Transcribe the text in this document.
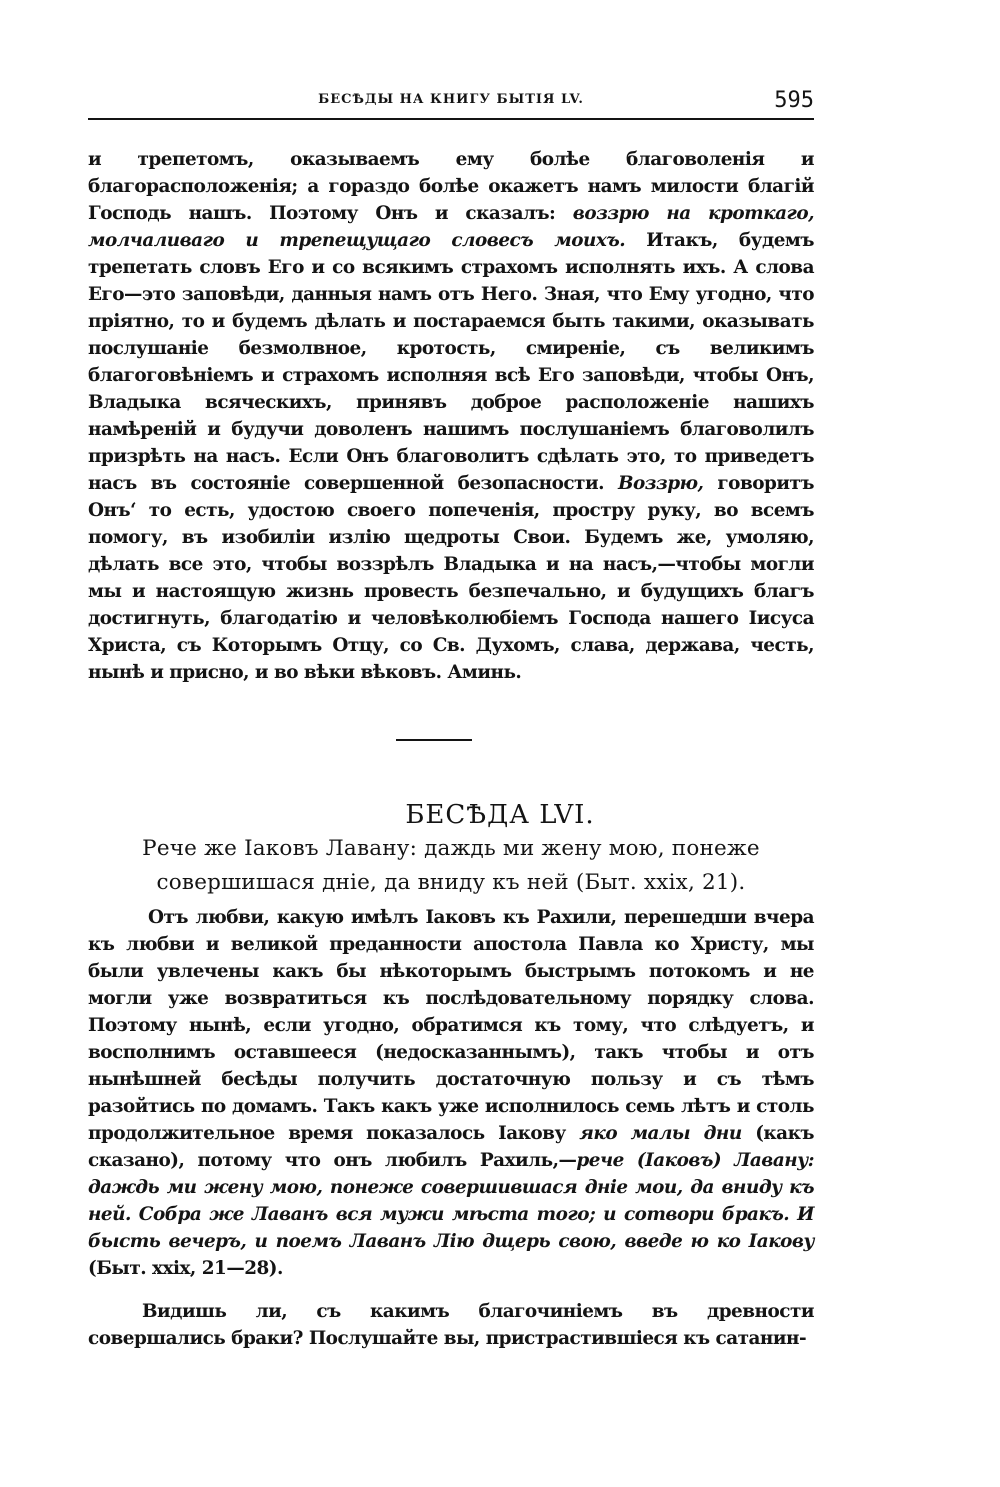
БЕСѢДЫ НА КНИГУ БЫТІЯ LV.	595

и трепетомъ, оказываемъ ему болѣе благоволенія и благорасположенія; а гораздо болѣе окажетъ намъ милости благій Господь нашъ. Поэтому Онъ и сказалъ: воззрю на кроткаго, молчаливаго и трепещущаго словесъ моихъ. Итакъ, будемъ трепетать словъ Его и со всякимъ страхомъ исполнять ихъ. А слова Его—это заповѣди, данныя намъ отъ Него. Зная, что Ему угодно, что пріятно, то и будемъ дѣлать и постараемся быть такими, оказывать послушаніе безмолвное, кротость, смиреніе, съ великимъ благоговѣніемъ и страхомъ исполняя всѣ Его заповѣди, чтобы Онъ, Владыка всяческихъ, принявъ доброе расположеніе нашихъ намѣреній и будучи доволенъ нашимъ послушаніемъ благоволилъ призрѣть на насъ. Если Онъ благоволитъ сдѣлать это, то приведетъ насъ въ состояніе совершенной безопасности. Воззрю, говоритъ Онъ‘ то есть, удостою своего попеченія, простру руку, во всемъ помогу, въ изобиліи излію щедроты Свои. Будемъ же, умоляю, дѣлать все это, чтобы воззрѣлъ Владыка и на насъ,—чтобы могли мы и настоящую жизнь провесть безпечально, и будущихъ благъ достигнуть, благодатію и человѣколюбіемъ Господа нашего Іисуса Христа, съ Которымъ Отцу, со Св. Духомъ, слава, держава, честь, нынѣ и присно, и во вѣки вѣковъ. Аминь.

БЕСѢДА LVI.

Рече же Іаковъ Лавану: даждь ми жену мою, понеже совершишася дніе, да вниду къ ней (Быт. xxix, 21).

Отъ любви, какую имѣлъ Іаковъ къ Рахили, перешедши вчера къ любви и великой преданности апостола Павла ко Христу, мы были увлечены какъ бы нѣкоторымъ быстрымъ потокомъ и не могли уже возвратиться къ послѣдовательному порядку слова. Поэтому нынѣ, если угодно, обратимся къ тому, что слѣдуетъ, и восполнимъ оставшееся (недосказаннымъ), такъ чтобы и отъ нынѣшней бесѣды получить достаточную пользу и съ тѣмъ разойтись по домамъ. Такъ какъ уже исполнилось семь лѣтъ и столь продолжительное время показалось Іакову яко малы дни (какъ сказано), потому что онъ любилъ Рахиль,—рече (Іаковъ) Лавану: даждь ми жену мою, понеже совершившася дніе мои, да вниду къ ней. Собра же Лаванъ вся мужи мѣста того; и сотвори бракъ. И бысть вечеръ, и поемъ Лаванъ Лію дщерь свою, введе ю ко Іакову (Быт. xxix, 21—28).

Видишь ли, съ какимъ благочиніемъ въ древности совершались браки? Послушайте вы, пристрастившіеся къ сатанин-
